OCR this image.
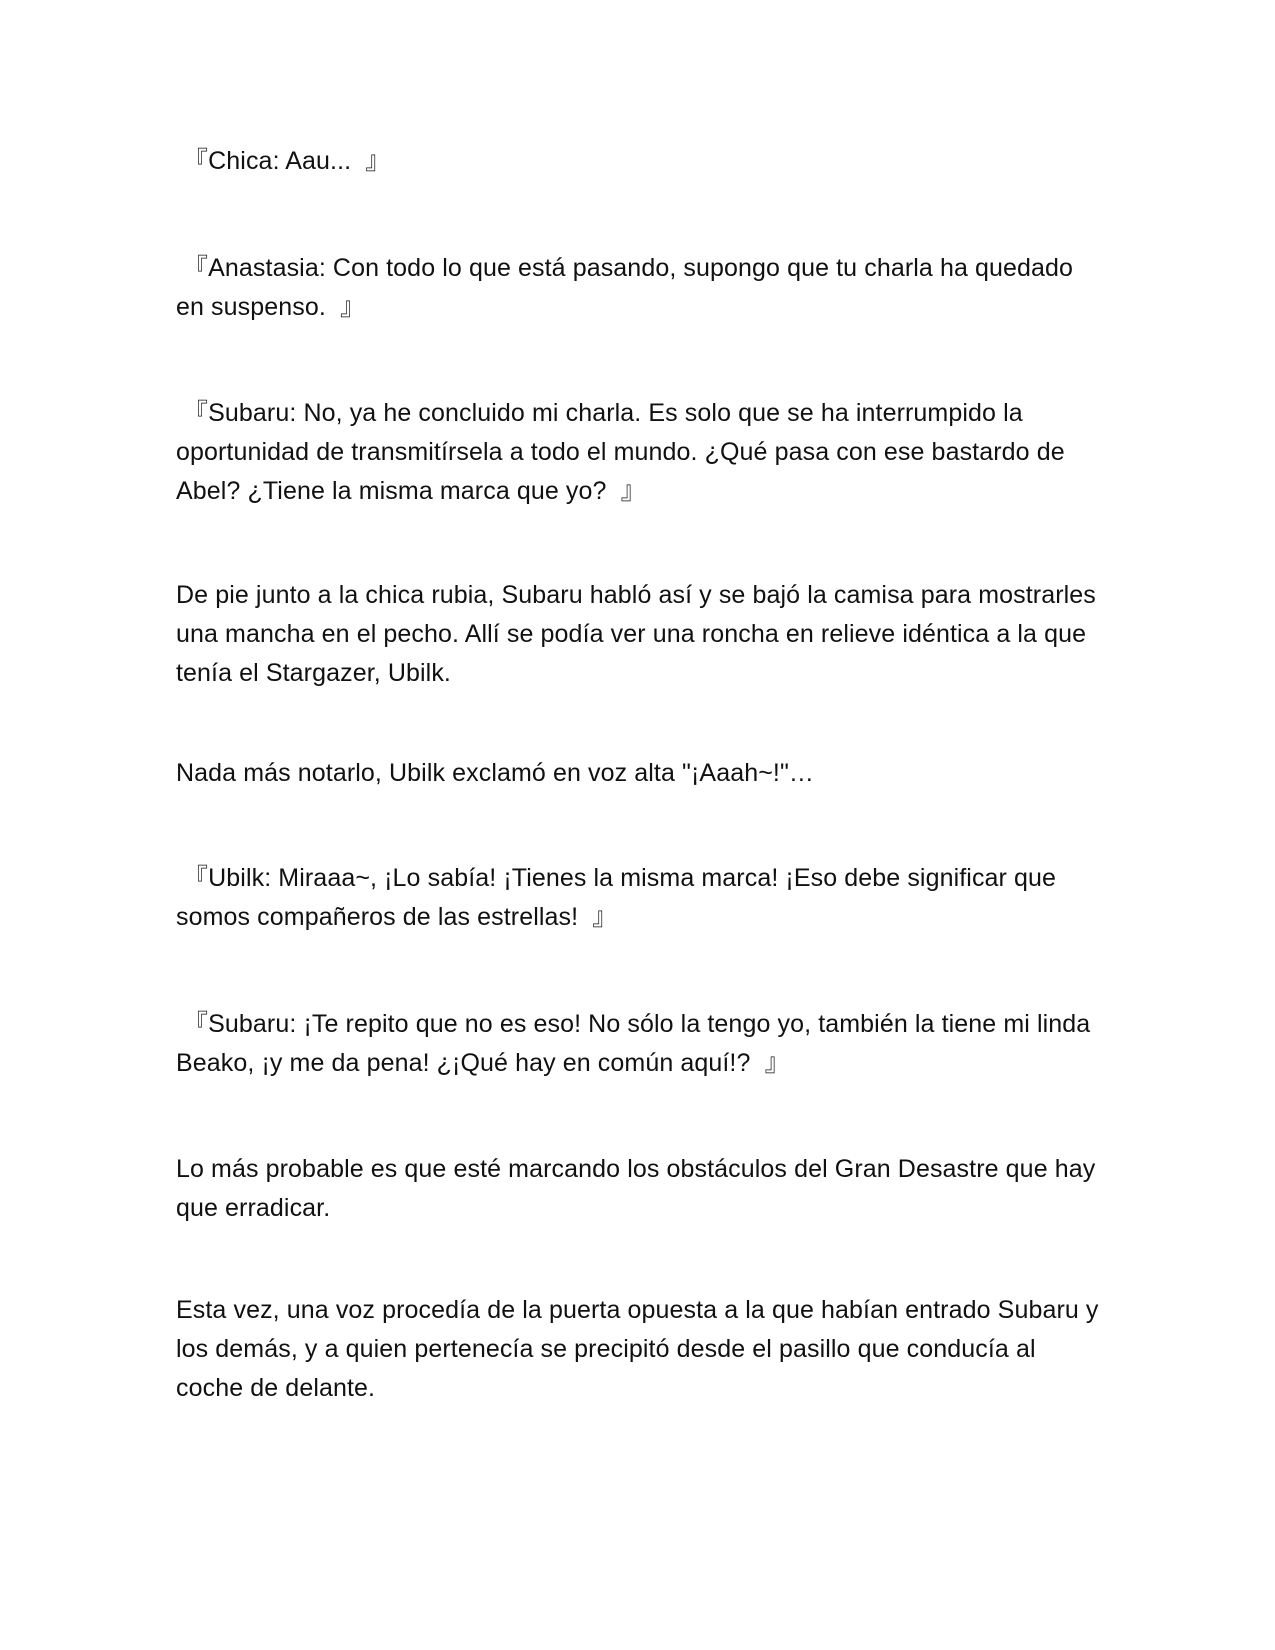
『Chica: Aau...  』

『Anastasia: Con todo lo que está pasando, supongo que tu charla ha quedado en suspenso.  』

『Subaru: No, ya he concluido mi charla. Es solo que se ha interrumpido la oportunidad de transmitírsela a todo el mundo. ¿Qué pasa con ese bastardo de Abel? ¿Tiene la misma marca que yo?  』

De pie junto a la chica rubia, Subaru habló así y se bajó la camisa para mostrarles una mancha en el pecho. Allí se podía ver una roncha en relieve idéntica a la que tenía el Stargazer, Ubilk.

Nada más notarlo, Ubilk exclamó en voz alta "¡Aaah~!"…

『Ubilk: Miraaa~, ¡Lo sabía! ¡Tienes la misma marca! ¡Eso debe significar que somos compañeros de las estrellas!  』

『Subaru: ¡Te repito que no es eso! No sólo la tengo yo, también la tiene mi linda Beako, ¡y me da pena! ¿¡Qué hay en común aquí!?  』

Lo más probable es que esté marcando los obstáculos del Gran Desastre que hay que erradicar.

Esta vez, una voz procedía de la puerta opuesta a la que habían entrado Subaru y los demás, y a quien pertenecía se precipitó desde el pasillo que conducía al coche de delante.
